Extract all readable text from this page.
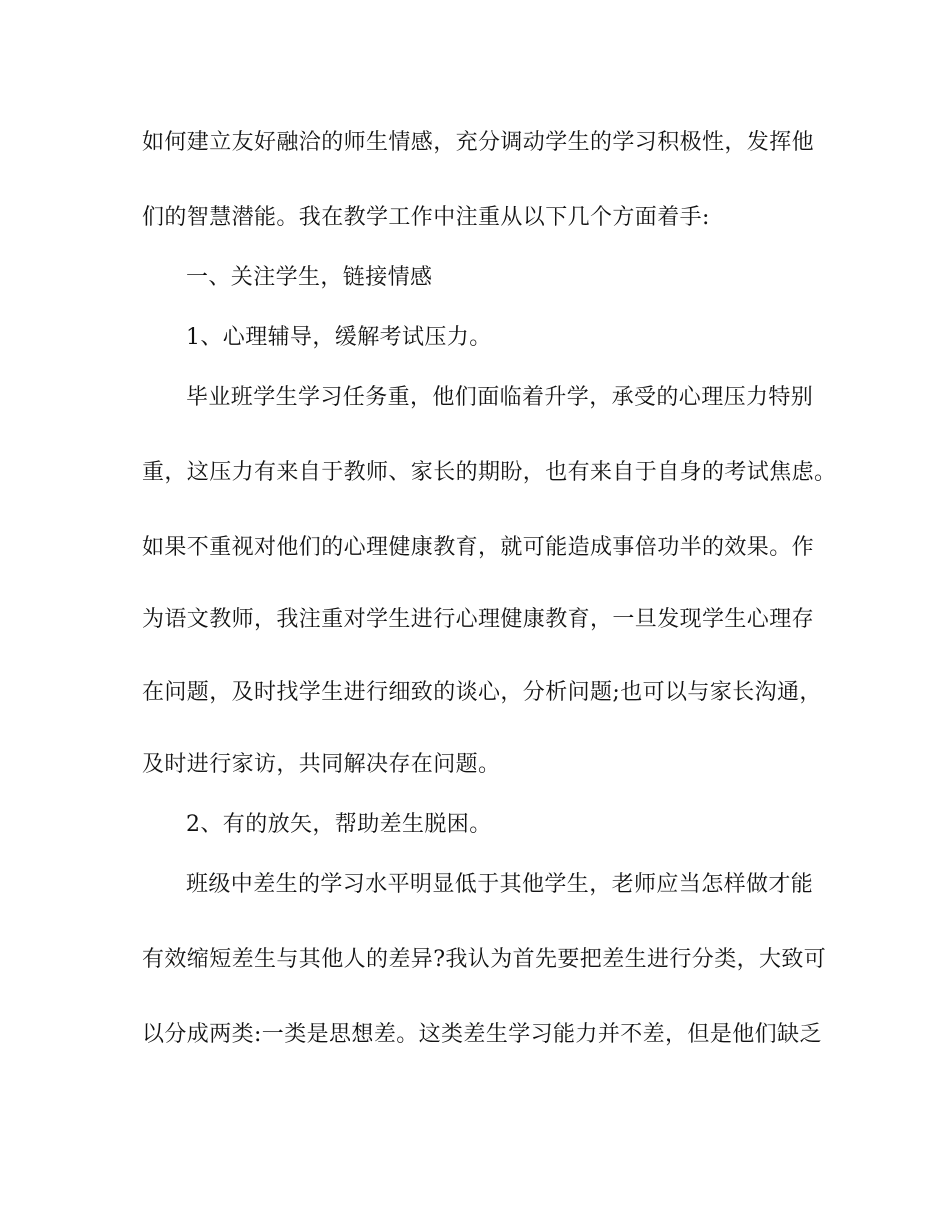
如何建立友好融洽的师生情感，充分调动学生的学习积极性，发挥他
们的智慧潜能。我在教学工作中注重从以下几个方面着手:
一、关注学生，链接情感
1、心理辅导，缓解考试压力。
毕业班学生学习任务重，他们面临着升学，承受的心理压力特别
重，这压力有来自于教师、家长的期盼，也有来自于自身的考试焦虑。
如果不重视对他们的心理健康教育，就可能造成事倍功半的效果。作
为语文教师，我注重对学生进行心理健康教育，一旦发现学生心理存
在问题，及时找学生进行细致的谈心，分析问题;也可以与家长沟通，
及时进行家访，共同解决存在问题。
2、有的放矢，帮助差生脱困。
班级中差生的学习水平明显低于其他学生，老师应当怎样做才能
有效缩短差生与其他人的差异?我认为首先要把差生进行分类，大致可
以分成两类:一类是思想差。这类差生学习能力并不差，但是他们缺乏
